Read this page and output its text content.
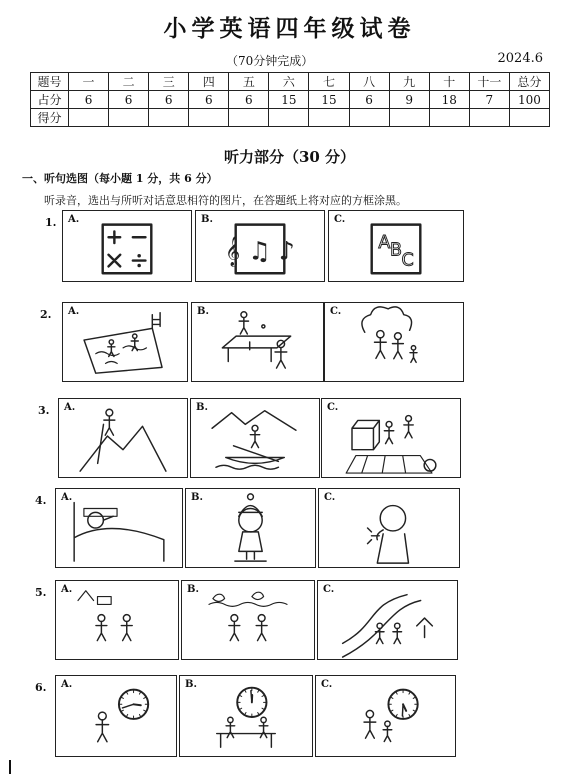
小学英语四年级试卷
（70分钟完成）	2024.6
题号	一	二	三	四	五	六	七	八	九	十	十一	总分
占分	6	6	6	6	6	15	15	6	9	18	7	100
得分												
听力部分（30 分）
一、听句选图（每小题 1 分，共 6 分）
听录音，选出与所听对话意思相符的图片，在答题纸上将对应的方框涂黑。
1. A.
𝄞 ♫ ♪
B.
A B C
C.
2. A.	B.	C.
3. A.	B.	C.
4. A.	B.	C.
5. A.	B.	C.
6. A.	B.	C.
